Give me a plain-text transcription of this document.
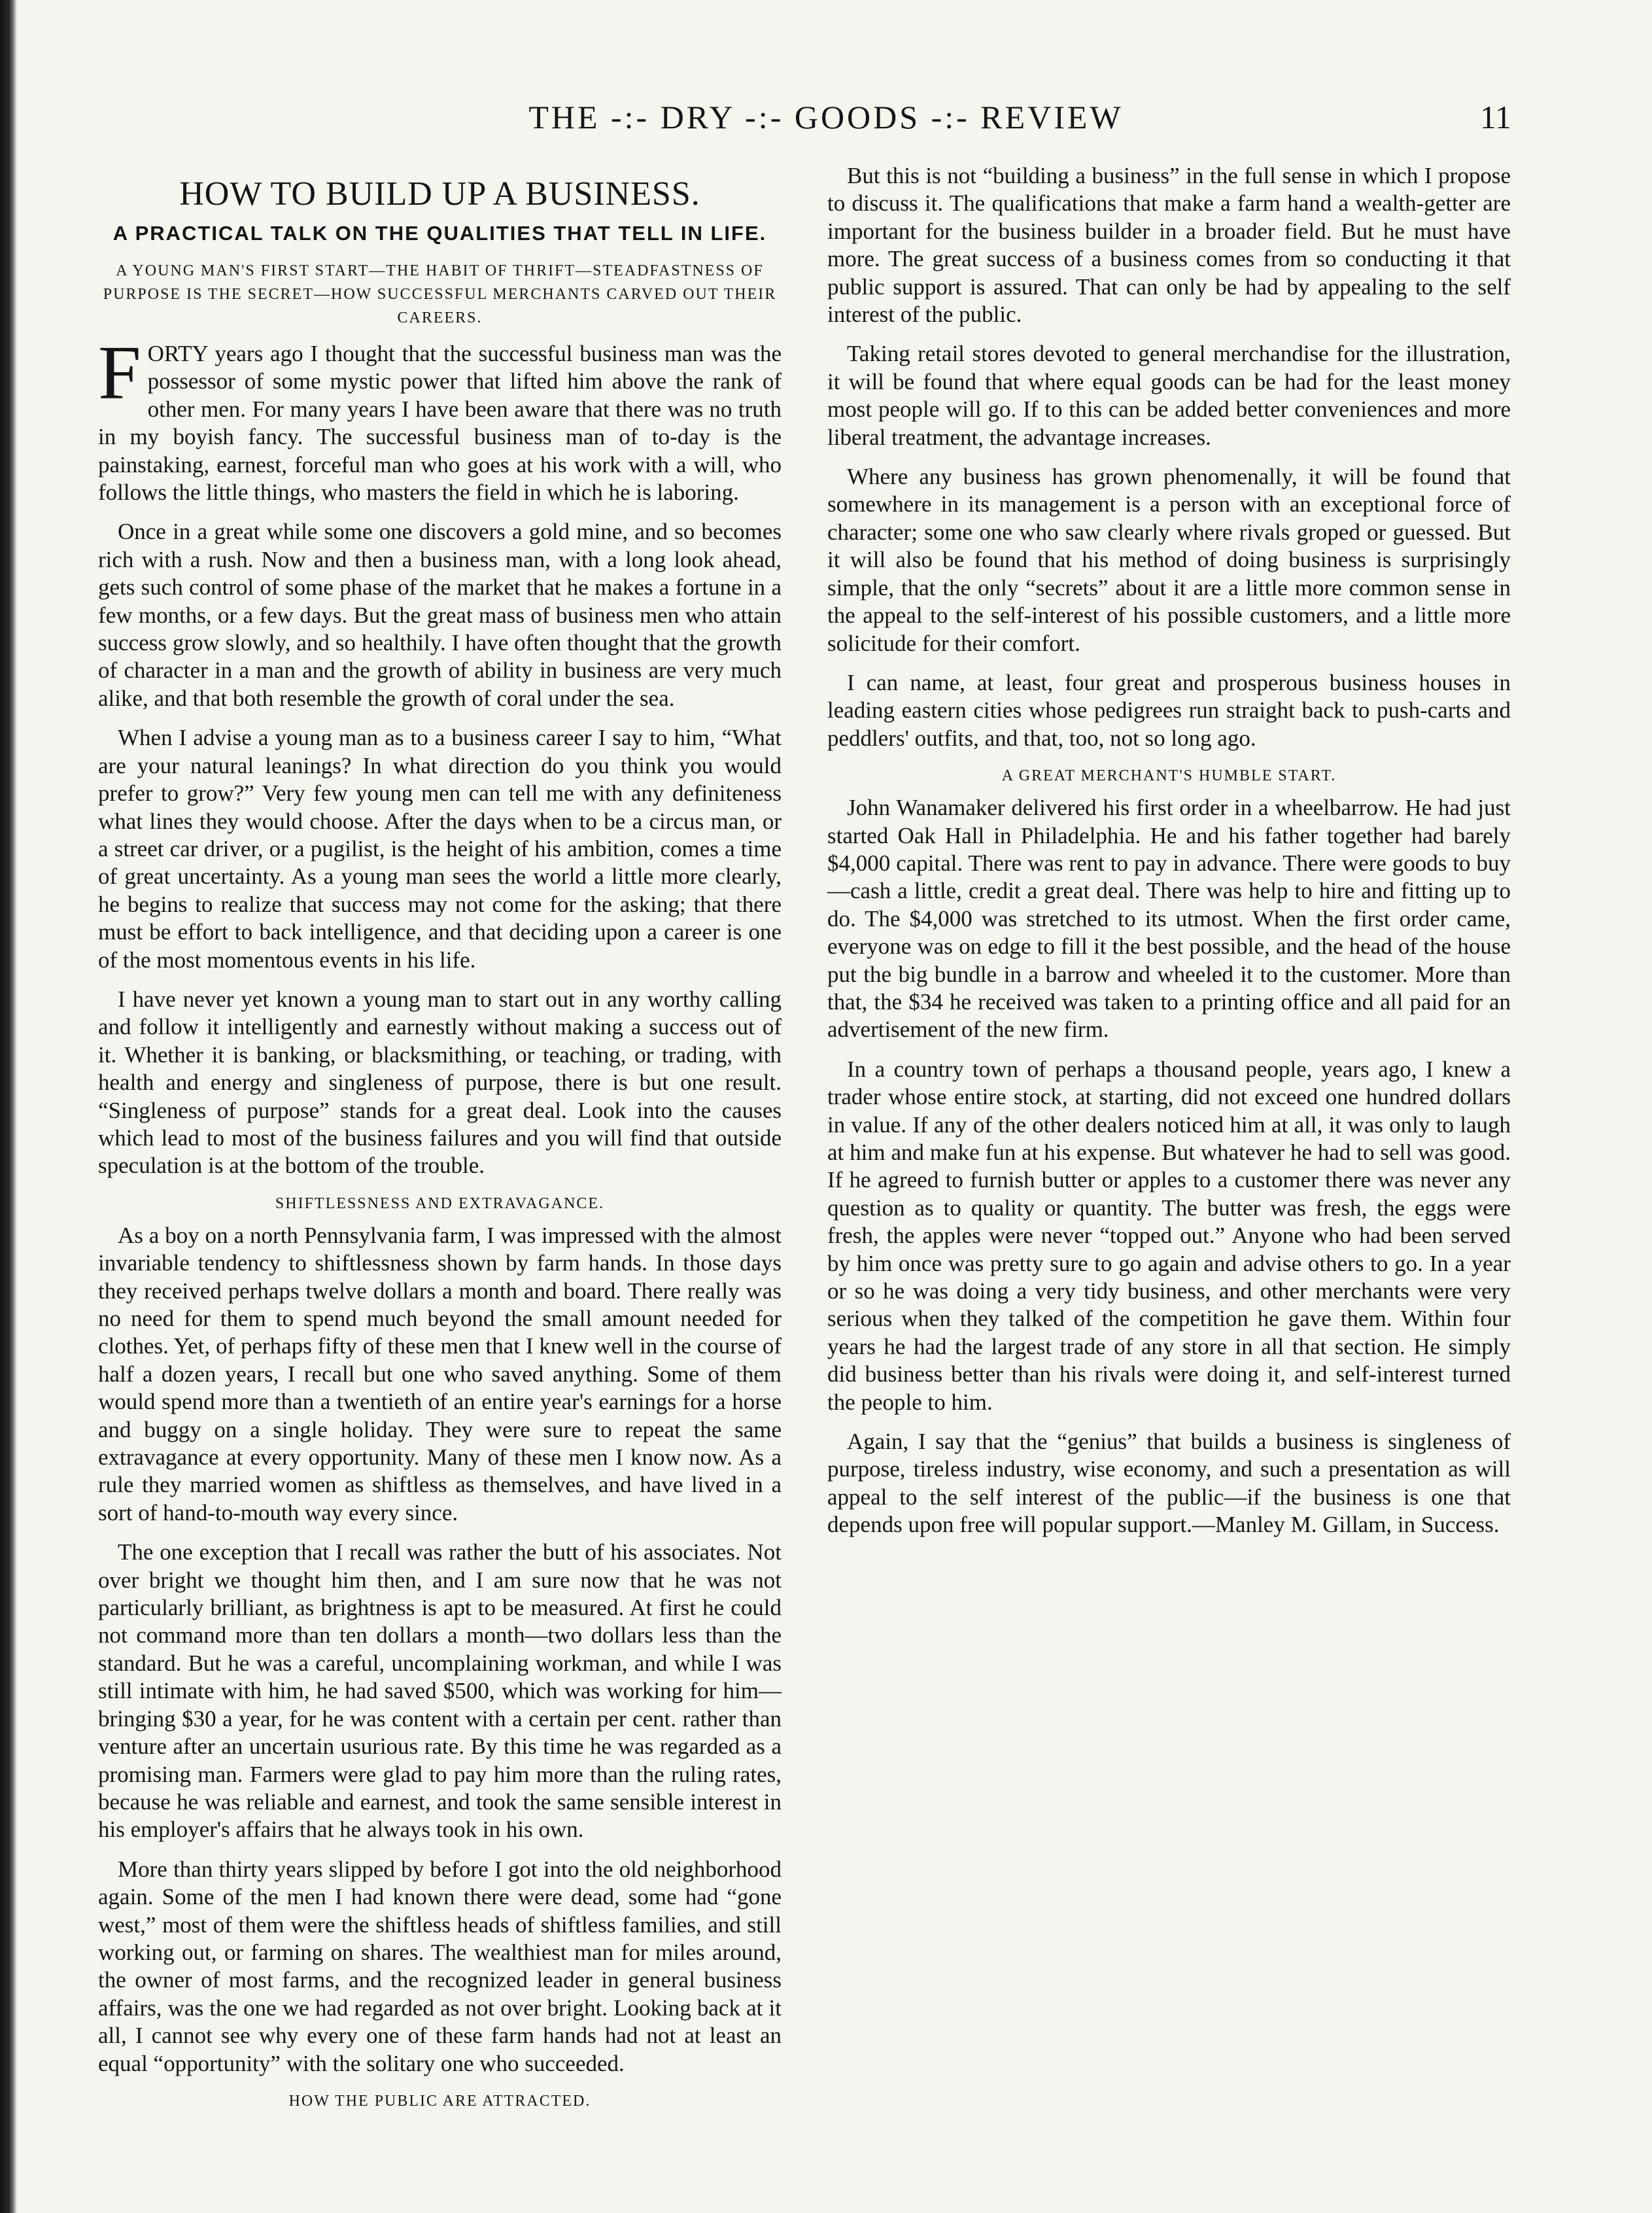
THE -:- DRY -:- GOODS -:- REVIEW	11
HOW TO BUILD UP A BUSINESS.
A PRACTICAL TALK ON THE QUALITIES THAT TELL IN LIFE.
A YOUNG MAN'S FIRST START—THE HABIT OF THRIFT—STEADFASTNESS OF PURPOSE IS THE SECRET—HOW SUCCESSFUL MERCHANTS CARVED OUT THEIR CAREERS.

FORTY years ago I thought that the successful business man was the possessor of some mystic power that lifted him above the rank of other men. For many years I have been aware that there was no truth in my boyish fancy. The successful business man of to-day is the painstaking, earnest, forceful man who goes at his work with a will, who follows the little things, who masters the field in which he is laboring.

Once in a great while some one discovers a gold mine, and so becomes rich with a rush. Now and then a business man, with a long look ahead, gets such control of some phase of the market that he makes a fortune in a few months, or a few days. But the great mass of business men who attain success grow slowly, and so healthily. I have often thought that the growth of character in a man and the growth of ability in business are very much alike, and that both resemble the growth of coral under the sea.

When I advise a young man as to a business career I say to him, “What are your natural leanings? In what direction do you think you would prefer to grow?” Very few young men can tell me with any definiteness what lines they would choose. After the days when to be a circus man, or a street car driver, or a pugilist, is the height of his ambition, comes a time of great uncertainty. As a young man sees the world a little more clearly, he begins to realize that success may not come for the asking; that there must be effort to back intelligence, and that deciding upon a career is one of the most momentous events in his life.

I have never yet known a young man to start out in any worthy calling and follow it intelligently and earnestly without making a success out of it. Whether it is banking, or blacksmithing, or teaching, or trading, with health and energy and singleness of purpose, there is but one result. “Singleness of purpose” stands for a great deal. Look into the causes which lead to most of the business failures and you will find that outside speculation is at the bottom of the trouble.

SHIFTLESSNESS AND EXTRAVAGANCE.

As a boy on a north Pennsylvania farm, I was impressed with the almost invariable tendency to shiftlessness shown by farm hands. In those days they received perhaps twelve dollars a month and board. There really was no need for them to spend much beyond the small amount needed for clothes. Yet, of perhaps fifty of these men that I knew well in the course of half a dozen years, I recall but one who saved anything. Some of them would spend more than a twentieth of an entire year's earnings for a horse and buggy on a single holiday. They were sure to repeat the same extravagance at every opportunity. Many of these men I know now. As a rule they married women as shiftless as themselves, and have lived in a sort of hand-to-mouth way every since.

The one exception that I recall was rather the butt of his associates. Not over bright we thought him then, and I am sure now that he was not particularly brilliant, as brightness is apt to be measured. At first he could not command more than ten dollars a month—two dollars less than the standard. But he was a careful, uncomplaining workman, and while I was still intimate with him, he had saved $500, which was working for him—bringing $30 a year, for he was content with a certain per cent. rather than venture after an uncertain usurious rate. By this time he was regarded as a promising man. Farmers were glad to pay him more than the ruling rates, because he was reliable and earnest, and took the same sensible interest in his employer's affairs that he always took in his own.

More than thirty years slipped by before I got into the old neighborhood again. Some of the men I had known there were dead, some had “gone west,” most of them were the shiftless heads of shiftless families, and still working out, or farming on shares. The wealthiest man for miles around, the owner of most farms, and the recognized leader in general business affairs, was the one we had regarded as not over bright. Looking back at it all, I cannot see why every one of these farm hands had not at least an equal “opportunity” with the solitary one who succeeded.

HOW THE PUBLIC ARE ATTRACTED.

But this is not “building a business” in the full sense in which I propose to discuss it. The qualifications that make a farm hand a wealth-getter are important for the business builder in a broader field. But he must have more. The great success of a business comes from so conducting it that public support is assured. That can only be had by appealing to the self interest of the public.

Taking retail stores devoted to general merchandise for the illustration, it will be found that where equal goods can be had for the least money most people will go. If to this can be added better conveniences and more liberal treatment, the advantage increases.

Where any business has grown phenomenally, it will be found that somewhere in its management is a person with an exceptional force of character; some one who saw clearly where rivals groped or guessed. But it will also be found that his method of doing business is surprisingly simple, that the only “secrets” about it are a little more common sense in the appeal to the self-interest of his possible customers, and a little more solicitude for their comfort.

I can name, at least, four great and prosperous business houses in leading eastern cities whose pedigrees run straight back to push-carts and peddlers' outfits, and that, too, not so long ago.

A GREAT MERCHANT'S HUMBLE START.

John Wanamaker delivered his first order in a wheelbarrow. He had just started Oak Hall in Philadelphia. He and his father together had barely $4,000 capital. There was rent to pay in advance. There were goods to buy—cash a little, credit a great deal. There was help to hire and fitting up to do. The $4,000 was stretched to its utmost. When the first order came, everyone was on edge to fill it the best possible, and the head of the house put the big bundle in a barrow and wheeled it to the customer. More than that, the $34 he received was taken to a printing office and all paid for an advertisement of the new firm.

In a country town of perhaps a thousand people, years ago, I knew a trader whose entire stock, at starting, did not exceed one hundred dollars in value. If any of the other dealers noticed him at all, it was only to laugh at him and make fun at his expense. But whatever he had to sell was good. If he agreed to furnish butter or apples to a customer there was never any question as to quality or quantity. The butter was fresh, the eggs were fresh, the apples were never “topped out.” Anyone who had been served by him once was pretty sure to go again and advise others to go. In a year or so he was doing a very tidy business, and other merchants were very serious when they talked of the competition he gave them. Within four years he had the largest trade of any store in all that section. He simply did business better than his rivals were doing it, and self-interest turned the people to him.

Again, I say that the “genius” that builds a business is singleness of purpose, tireless industry, wise economy, and such a presentation as will appeal to the self interest of the public—if the business is one that depends upon free will popular support.—Manley M. Gillam, in Success.
